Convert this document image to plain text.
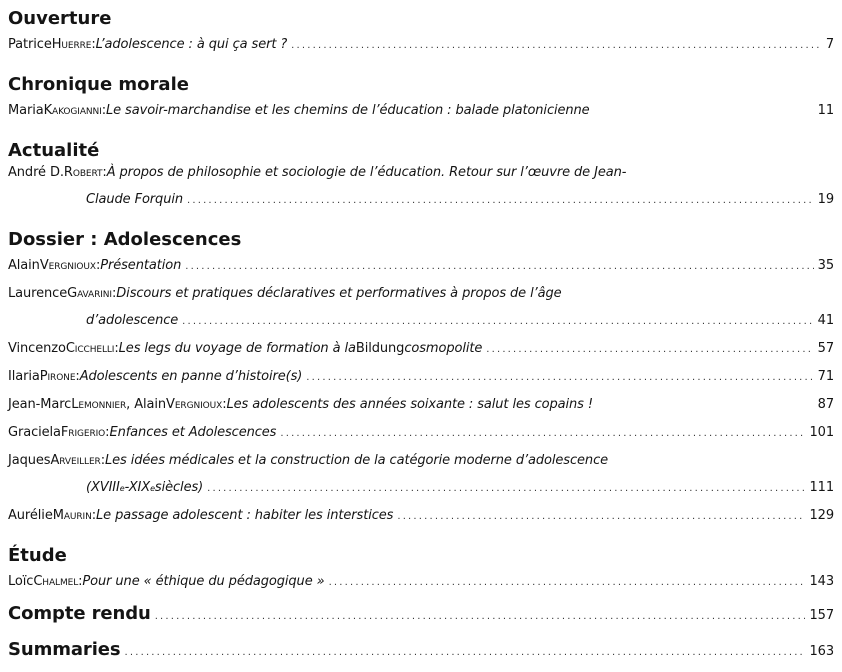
Ouverture
Patrice Huerre : L’adolescence : à qui ça sert ? . . .	7
Chronique morale
Maria Kakogianni : Le savoir-marchandise et les chemins de l’éducation : balade platonicienne	11
Actualité
André D. Robert : À propos de philosophie et sociologie de l’éducation. Retour sur l’œuvre de Jean-
Claude Forquin . . .	19
Dossier : Adolescences
Alain Vergnioux : Présentation . . .	35
Laurence Gavarini : Discours et pratiques déclaratives et performatives à propos de l’âge
d’adolescence . . .	41
Vincenzo Cicchelli : Les legs du voyage de formation à la Bildung cosmopolite . . .	57
Ilaria Pirone : Adolescents en panne d’histoire(s) . . .	71
Jean-Marc Lemonnier , Alain Vergnioux : Les adolescents des années soixante : salut les copains !	87
Graciela Frigerio : Enfances et Adolescences . . .	101
Jaques Arveiller : Les idées médicales et la construction de la catégorie moderne d’adolescence
(XVIII e -XIX e siècles) . . .	111
Aurélie Maurin : Le passage adolescent : habiter les interstices . . .	129
Étude
Loïc Chalmel : Pour une « éthique du pédagogique » . . .	143
Compte rendu . . .	157
Summaries . . .	163
